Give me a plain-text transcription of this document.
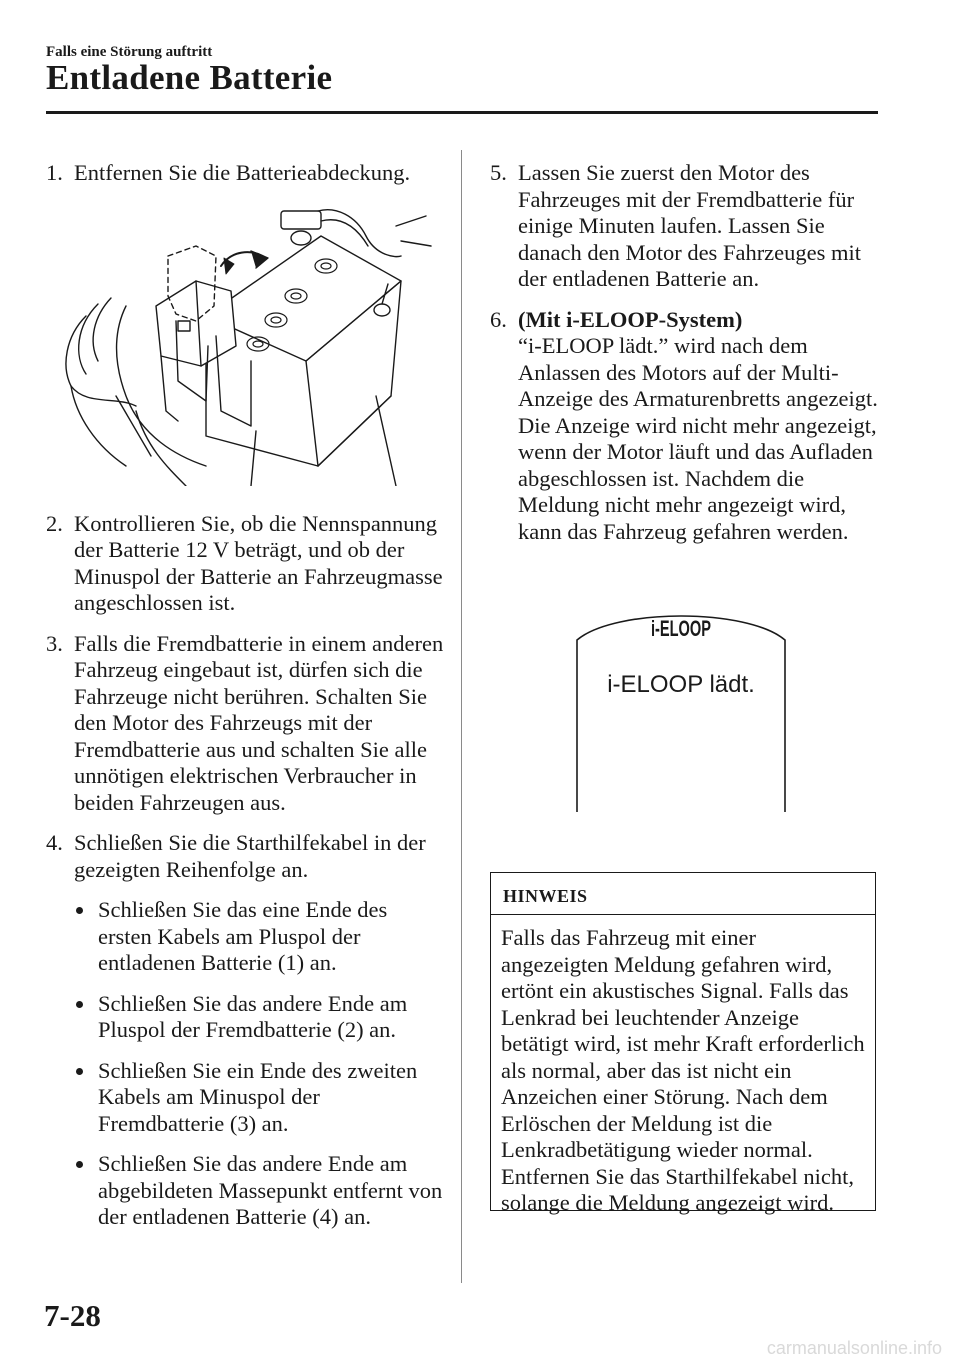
Falls eine Störung auftritt
Entladene Batterie

1. Entfernen Sie die Batterieabdeckung.

2. Kontrollieren Sie, ob die Nennspannung der Batterie 12 V beträgt, und ob der Minuspol der Batterie an Fahrzeugmasse angeschlossen ist.

3. Falls die Fremdbatterie in einem anderen Fahrzeug eingebaut ist, dürfen sich die Fahrzeuge nicht berühren. Schalten Sie den Motor des Fahrzeugs mit der Fremdbatterie aus und schalten Sie alle unnötigen elektrischen Verbraucher in beiden Fahrzeugen aus.

4. Schließen Sie die Starthilfekabel in der gezeigten Reihenfolge an.

Schließen Sie das eine Ende des ersten Kabels am Pluspol der entladenen Batterie (1) an.
Schließen Sie das andere Ende am Pluspol der Fremdbatterie (2) an.
Schließen Sie ein Ende des zweiten Kabels am Minuspol der Fremdbatterie (3) an.
Schließen Sie das andere Ende am abgebildeten Massepunkt entfernt von der entladenen Batterie (4) an.

5. Lassen Sie zuerst den Motor des Fahrzeuges mit der Fremdbatterie für einige Minuten laufen. Lassen Sie danach den Motor des Fahrzeuges mit der entladenen Batterie an.

6. (Mit i-ELOOP-System)
“i-ELOOP lädt.” wird nach dem Anlassen des Motors auf der Multi-Anzeige des Armaturenbretts angezeigt. Die Anzeige wird nicht mehr angezeigt, wenn der Motor läuft und das Aufladen abgeschlossen ist. Nachdem die Meldung nicht mehr angezeigt wird, kann das Fahrzeug gefahren werden.

i-ELOOP
i-ELOOP lädt.
HINWEIS
Falls das Fahrzeug mit einer angezeigten Meldung gefahren wird, ertönt ein akustisches Signal. Falls das Lenkrad bei leuchtender Anzeige betätigt wird, ist mehr Kraft erforderlich als normal, aber das ist nicht ein Anzeichen einer Störung. Nach dem Erlöschen der Meldung ist die Lenkradbetätigung wieder normal. Entfernen Sie das Starthilfekabel nicht, solange die Meldung angezeigt wird.
7-28
carmanualsonline.info
